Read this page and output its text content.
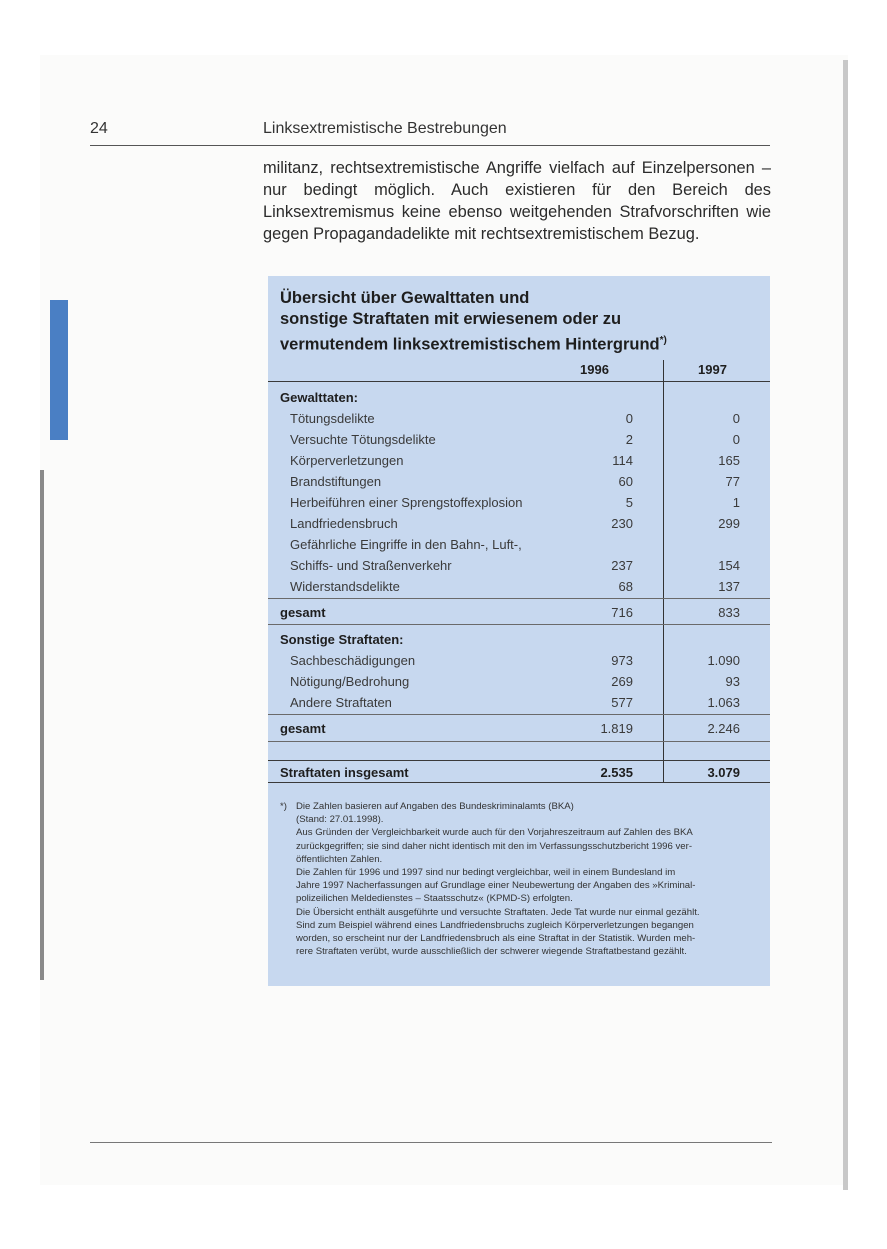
24	Linksextremistische Bestrebungen
militanz, rechtsextremistische Angriffe vielfach auf Einzelpersonen – nur bedingt möglich. Auch existieren für den Bereich des Linksextremismus keine ebenso weitgehenden Strafvorschriften wie gegen Propagandadelikte mit rechtsextremistischem Bezug.
Übersicht über Gewalttaten und
sonstige Straftaten mit erwiesenem oder zu
vermutendem linksextremistischem Hintergrund*)
1996	1997
Gewalttaten:
Tötungsdelikte	0	0
Versuchte Tötungsdelikte	2	0
Körperverletzungen	114	165
Brandstiftungen	60	77
Herbeiführen einer Sprengstoffexplosion	5	1
Landfriedensbruch	230	299
Gefährliche Eingriffe in den Bahn-, Luft-,
Schiffs- und Straßenverkehr	237	154
Widerstandsdelikte	68	137
gesamt	716	833
Sonstige Straftaten:
Sachbeschädigungen	973	1.090
Nötigung/Bedrohung	269	93
Andere Straftaten	577	1.063
gesamt	1.819	2.246
Straftaten insgesamt	2.535	3.079
*) Die Zahlen basieren auf Angaben des Bundeskriminalamts (BKA)
(Stand: 27.01.1998).
Aus Gründen der Vergleichbarkeit wurde auch für den Vorjahreszeitraum auf Zahlen des BKA
zurückgegriffen; sie sind daher nicht identisch mit den im Verfassungsschutzbericht 1996 ver-
öffentlichten Zahlen.
Die Zahlen für 1996 und 1997 sind nur bedingt vergleichbar, weil in einem Bundesland im
Jahre 1997 Nacherfassungen auf Grundlage einer Neubewertung der Angaben des »Kriminal-
polizeilichen Meldedienstes – Staatsschutz« (KPMD-S) erfolgten.
Die Übersicht enthält ausgeführte und versuchte Straftaten. Jede Tat wurde nur einmal gezählt.
Sind zum Beispiel während eines Landfriedensbruchs zugleich Körperverletzungen begangen
worden, so erscheint nur der Landfriedensbruch als eine Straftat in der Statistik. Wurden meh-
rere Straftaten verübt, wurde ausschließlich der schwerer wiegende Straftatbestand gezählt.
